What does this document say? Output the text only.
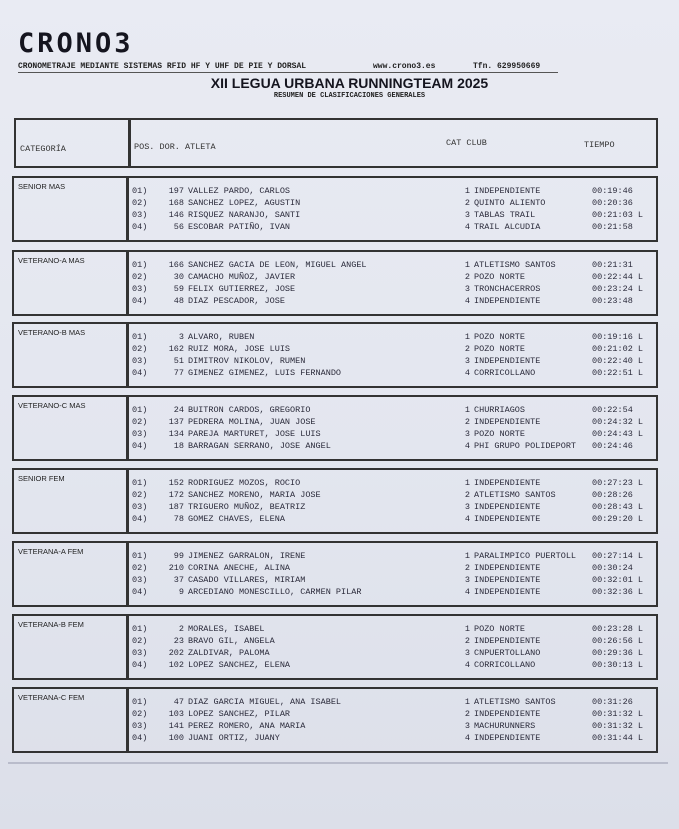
CRONO3
CRONOMETRAJE MEDIANTE SISTEMAS RFID HF Y UHF DE PIE Y DORSAL	www.crono3.es	Tfn. 629950669
XII LEGUA URBANA RUNNINGTEAM 2025
RESUMEN DE CLASIFICACIONES GENERALES
CATEGORÍA	POS. DOR. ATLETA	CAT CLUB	TIEMPO
SENIOR MAS	01)	197 VALLEZ PARDO, CARLOS	1 INDEPENDIENTE	00:19:46
02)	168 SANCHEZ LOPEZ, AGUSTIN	2 QUINTO ALIENTO	00:20:36
03)	146 RISQUEZ NARANJO, SANTI	3 TABLAS TRAIL	00:21:03 L
04)	56 ESCOBAR PATIÑO, IVAN	4 TRAIL ALCUDIA	00:21:58
VETERANO-A MAS	01)	166 SANCHEZ GACIA DE LEON, MIGUEL ANGEL	1 ATLETISMO SANTOS	00:21:31
02)	30 CAMACHO MUÑOZ, JAVIER	2 POZO NORTE	00:22:44 L
03)	59 FELIX GUTIERREZ, JOSE	3 TRONCHACERROS	00:23:24 L
04)	48 DIAZ PESCADOR, JOSE	4 INDEPENDIENTE	00:23:48
VETERANO-B MAS	01)	3 ALVARO, RUBEN	1 POZO NORTE	00:19:16 L
02)	162 RUIZ MORA, JOSE LUIS	2 POZO NORTE	00:21:02 L
03)	51 DIMITROV NIKOLOV, RUMEN	3 INDEPENDIENTE	00:22:40 L
04)	77 GIMENEZ GIMENEZ, LUIS FERNANDO	4 CORRICOLLANO	00:22:51 L
VETERANO-C MAS	01)	24 BUITRON CARDOS, GREGORIO	1 CHURRIAGOS	00:22:54
02)	137 PEDRERA MOLINA, JUAN JOSE	2 INDEPENDIENTE	00:24:32 L
03)	134 PAREJA MARTURET, JOSE LUIS	3 POZO NORTE	00:24:43 L
04)	18 BARRAGAN SERRANO, JOSE ANGEL	4 PHI GRUPO POLIDEPORT 00:24:46
SENIOR FEM	01)	152 RODRIGUEZ MOZOS, ROCIO	1 INDEPENDIENTE	00:27:23 L
02)	172 SANCHEZ MORENO, MARIA JOSE	2 ATLETISMO SANTOS	00:28:26
03)	187 TRIGUERO MUÑOZ, BEATRIZ	3 INDEPENDIENTE	00:28:43 L
04)	78 GOMEZ CHAVES, ELENA	4 INDEPENDIENTE	00:29:20 L
VETERANA-A FEM	01)	99 JIMENEZ GARRALON, IRENE	1 PARALIMPICO PUERTOLL 00:27:14 L
02)	210 CORINA ANECHE, ALINA	2 INDEPENDIENTE	00:30:24
03)	37 CASADO VILLARES, MIRIAM	3 INDEPENDIENTE	00:32:01 L
04)	9 ARCEDIANO MONESCILLO, CARMEN PILAR	4 INDEPENDIENTE	00:32:36 L
VETERANA-B FEM	01)	2 MORALES, ISABEL	1 POZO NORTE	00:23:28 L
02)	23 BRAVO GIL, ANGELA	2 INDEPENDIENTE	00:26:56 L
03)	202 ZALDIVAR, PALOMA	3 CNPUERTOLLANO	00:29:36 L
04)	102 LOPEZ SANCHEZ, ELENA	4 CORRICOLLANO	00:30:13 L
VETERANA-C FEM	01)	47 DIAZ GARCIA MIGUEL, ANA ISABEL	1 ATLETISMO SANTOS	00:31:26
02)	103 LOPEZ SANCHEZ, PILAR	2 INDEPENDIENTE	00:31:32 L
03)	141 PEREZ ROMERO, ANA MARIA	3 MACHURUNNERS	00:31:32 L
04)	100 JUANI ORTIZ, JUANY	4 INDEPENDIENTE	00:31:44 L
